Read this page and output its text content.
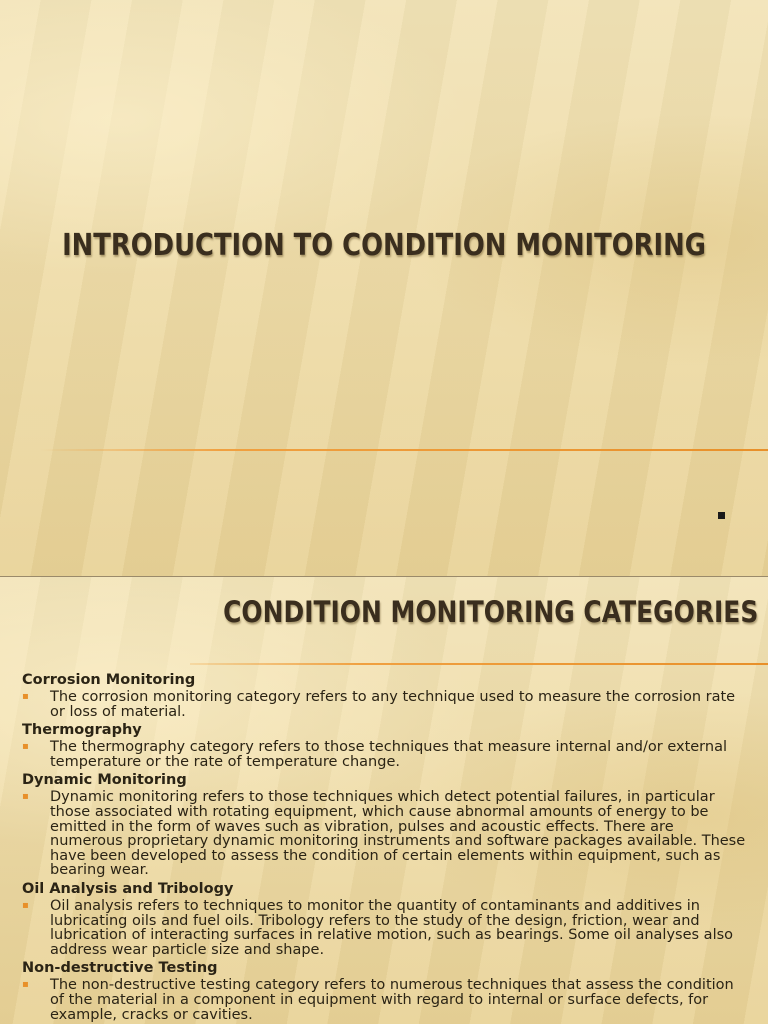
INTRODUCTION TO CONDITION MONITORING
CONDITION MONITORING CATEGORIES

Corrosion Monitoring

▪ The corrosion monitoring category refers to any technique used to measure the corrosion rate or loss of material.

Thermography

▪ The thermography category refers to those techniques that measure internal and/or external temperature or the rate of temperature change.

Dynamic Monitoring

▪ Dynamic monitoring refers to those techniques which detect potential failures, in particular those associated with rotating equipment, which cause abnormal amounts of energy to be emitted in the form of waves such as vibration, pulses and acoustic effects. There are numerous proprietary dynamic monitoring instruments and software packages available. These have been developed to assess the condition of certain elements within equipment, such as bearing wear.

Oil Analysis and Tribology

▪ Oil analysis refers to techniques to monitor the quantity of contaminants and additives in lubricating oils and fuel oils. Tribology refers to the study of the design, friction, wear and lubrication of interacting surfaces in relative motion, such as bearings. Some oil analyses also address wear particle size and shape.

Non-destructive Testing

▪ The non-destructive testing category refers to numerous techniques that assess the condition of the material in a component in equipment with regard to internal or surface defects, for example, cracks or cavities.
